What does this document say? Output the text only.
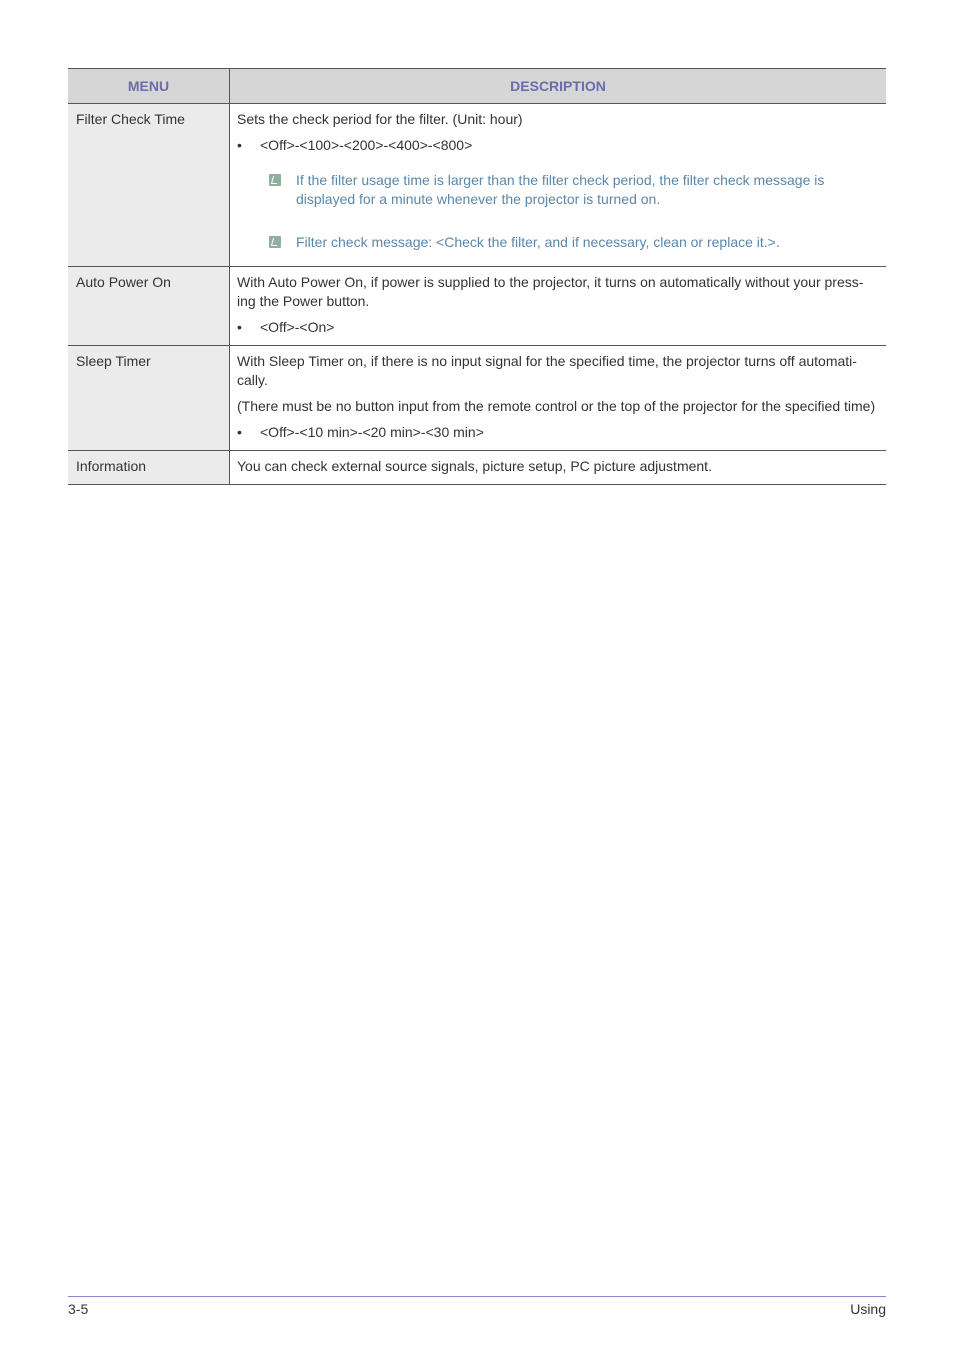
MENU	DESCRIPTION
Filter Check Time	Sets the check period for the filter. (Unit: hour)

• <Off>-<100>-<200>-<400>-<800>

If the filter usage time is larger than the filter check period, the filter check message is displayed for a minute whenever the projector is turned on.
Filter check message: <Check the filter, and if necessary, clean or replace it.>.

Auto Power On	With Auto Power On, if power is supplied to the projector, it turns on automatically without your press-ing the Power button.

• <Off>-<On>

Sleep Timer	With Sleep Timer on, if there is no input signal for the specified time, the projector turns off automati-cally.

(There must be no button input from the remote control or the top of the projector for the specified time)

• <Off>-<10 min>-<20 min>-<30 min>

Information	You can check external source signals, picture setup, PC picture adjustment.

3-5	Using
